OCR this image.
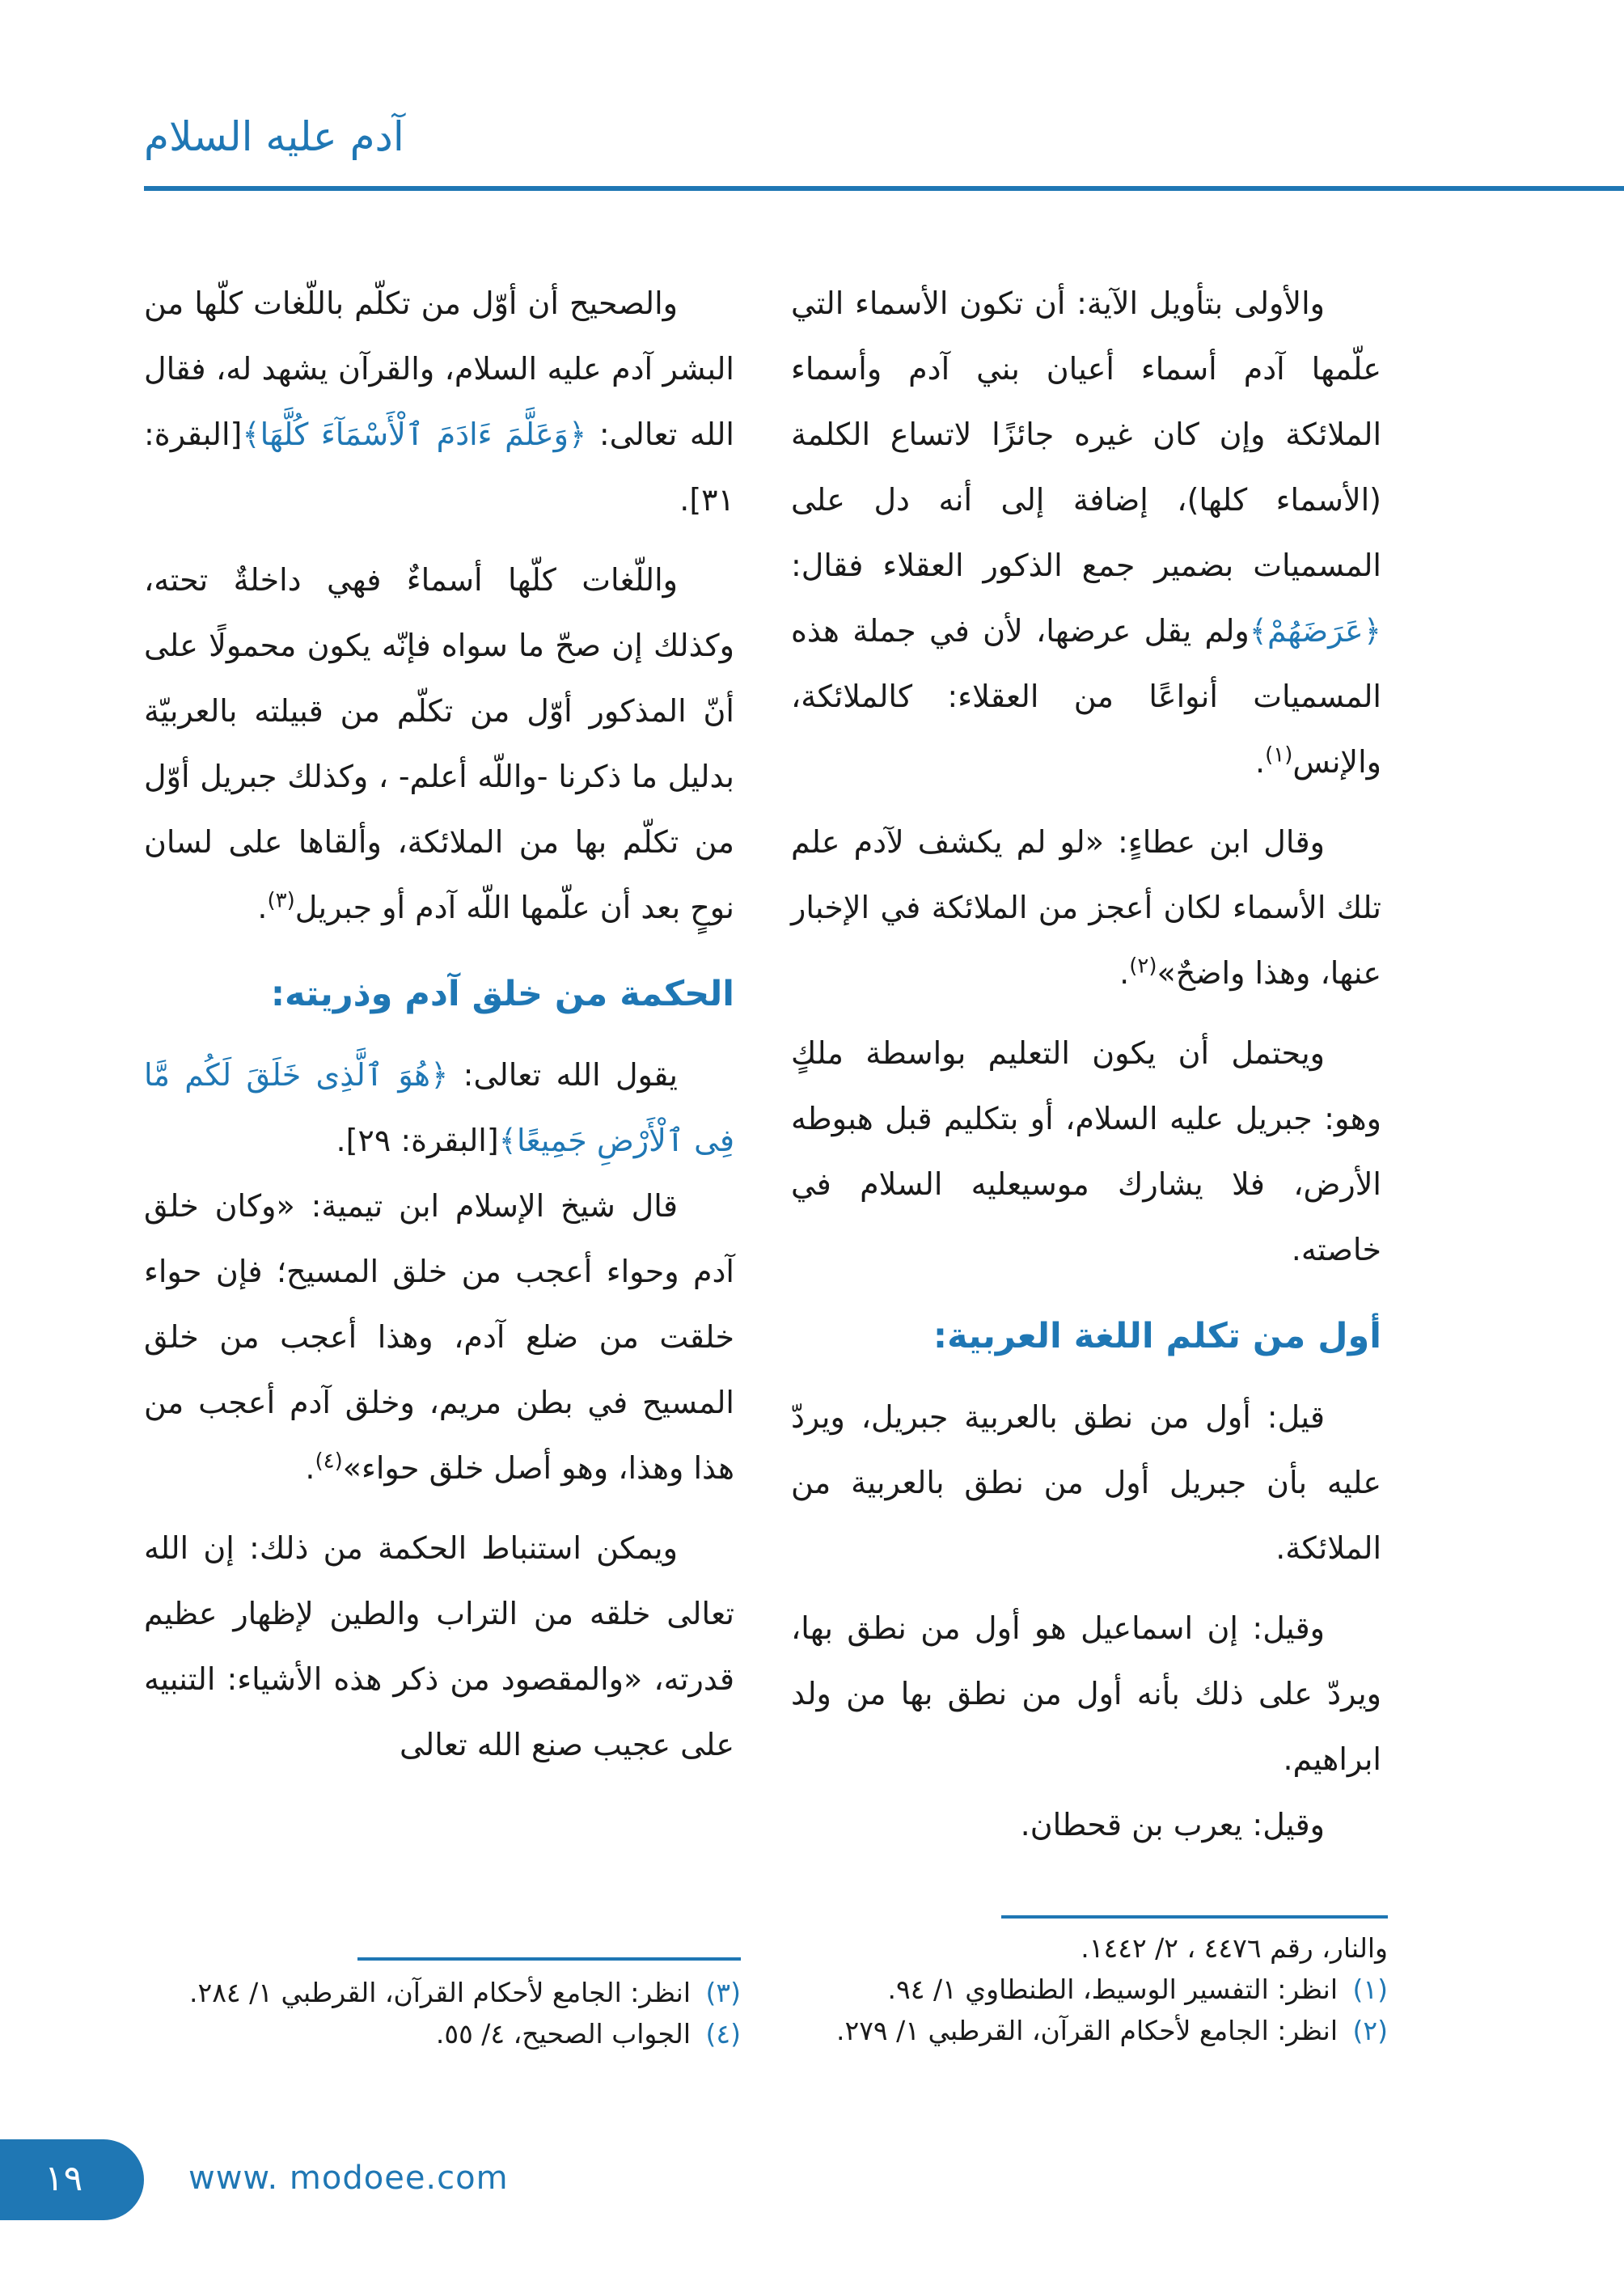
آدم عليه السلام

والأولى بتأويل الآية: أن تكون الأسماء التي علّمها آدم أسماء أعيان بني آدم وأسماء الملائكة وإن كان غيره جائزًا لاتساع الكلمة (الأسماء كلها)، إضافة إلى أنه دل على المسميات بضمير جمع الذكور العقلاء فقال: ﴿عَرَضَهُمْ﴾ولم يقل عرضها، لأن في جملة هذه المسميات أنواعًا من العقلاء: كالملائكة، والإنس$^{(١)}$.

وقال ابن عطاءٍ: «لو لم يكشف لآدم علم تلك الأسماء لكان أعجز من الملائكة في الإخبار عنها، وهذا واضحٌ»$^{(٢)}$.

ويحتمل أن يكون التعليم بواسطة ملكٍ وهو: جبريل عليه السلام، أو بتكليم قبل هبوطه الأرض، فلا يشارك موسيعليه السلام في خاصته.

أول من تكلم اللغة العربية:

قيل: أول من نطق بالعربية جبريل، ويردّ عليه بأن جبريل أول من نطق بالعربية من الملائكة.

وقيل: إن اسماعيل هو أول من نطق بها، ويردّ على ذلك بأنه أول من نطق بها من ولد ابراهيم.

وقيل: يعرب بن قحطان.

والصحيح أن أوّل من تكلّم باللّغات كلّها من البشر آدم عليه السلام، والقرآن يشهد له، فقال الله تعالى: ﴿وَعَلَّمَ ءَادَمَ ٱلْأَسْمَآءَ كُلَّهَا﴾[البقرة: ٣١].

واللّغات كلّها أسماءٌ فهي داخلةٌ تحته، وكذلك إن صحّ ما سواه فإنّه يكون محمولًا على أنّ المذكور أوّل من تكلّم من قبيلته بالعربيّة بدليل ما ذكرنا -واللّه أعلم- ، وكذلك جبريل أوّل من تكلّم بها من الملائكة، وألقاها على لسان نوحٍ بعد أن علّمها اللّه آدم أو جبريل$^{(٣)}$.

الحكمة من خلق آدم وذريته:

يقول الله تعالى: ﴿هُوَ ٱلَّذِى خَلَقَ لَكُم مَّا فِى ٱلْأَرْضِ جَمِيعًا﴾[البقرة: ٢٩].

قال شيخ الإسلام ابن تيمية: «وكان خلق آدم وحواء أعجب من خلق المسيح؛ فإن حواء خلقت من ضلع آدم، وهذا أعجب من خلق المسيح في بطن مريم، وخلق آدم أعجب من هذا وهذا، وهو أصل خلق حواء»$^{(٤)}$.

ويمكن استنباط الحكمة من ذلك: إن الله تعالى خلقه من التراب والطين لإظهار عظيم قدرته، «والمقصود من ذكر هذه الأشياء: التنبيه على عجيب صنع الله تعالى

والنار، رقم ٤٤٧٦ ، ٢/ ١٤٤٢.

(١)
انظر: التفسير الوسيط، الطنطاوي ١/ ٩٤.

(٢)
انظر: الجامع لأحكام القرآن، القرطبي ١/ ٢٧٩.

(٣)
انظر: الجامع لأحكام القرآن، القرطبي ١/ ٢٨٤.

(٤)
الجواب الصحيح، ٤/ ٥٥.

١٩	www. modoee.com
